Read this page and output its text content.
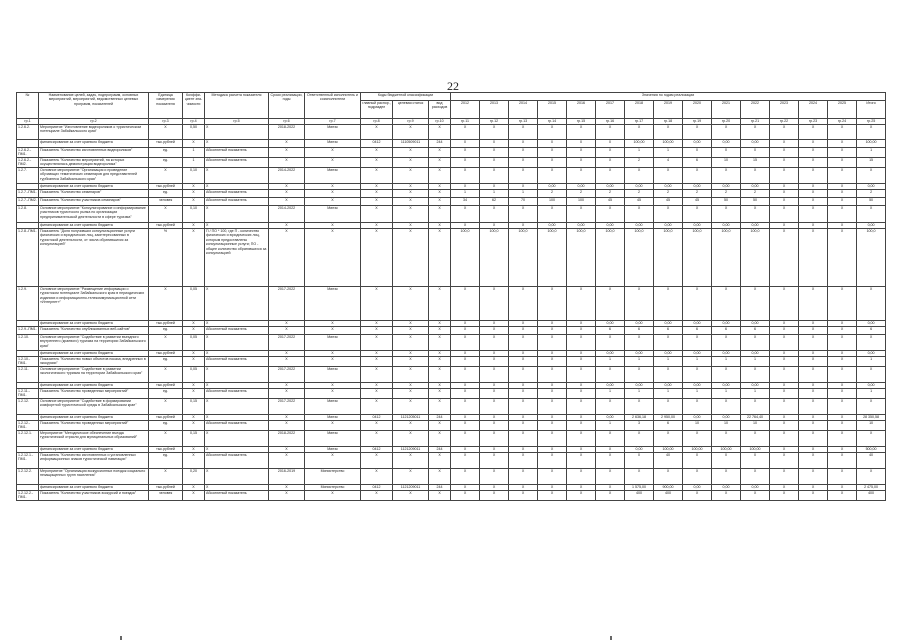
22
№	Наименование целей, задач, подпрограмм, основных мероприятий, мероприятий, ведомственных целевых программ, показателей	Единица измерения показателя	Коэффи-циент зна-чимости	Методика расчета показателя	Сроки реализации, годы	Ответственный исполнитель и соисполнители	Коды бюджетной классификации			Значения по годам реализации														
							главный распор., подраздел	целевая статья	вид расходов	2012	2013	2014	2015	2016	2017	2018	2019	2020	2021	2022	2023	2024	2025	Итого
гр.1	гр.2	гр.3	гр.4	гр.5	гр.6	гр.7	гр.8	гр.9	гр.10	гр.11	гр.12	гр.13	гр.14	гр.15	гр.16	гр.17	гр.18	гр.19	гр.20	гр.21	гр.22	гр.23	гр.24	гр.25
1.2.6.2.	Мероприятие "Изготовление видеороликов о туристическом потенциале Забайкальского края"	X	0,50	X	2018-2022	Минэк	X	X	X	X	X	X	X	X	X	X	X	X	X	X	X	X	X	X
	финансирование за счет краевого бюджета	тыс.рублей	X	X	X	Минэк	0412	1110509011	244	0	0	X	0	0	0	100,00	100,00	0,00	0,00	0,00	X	X	X	100,00
1.2.6.2.-ПМ1.	Показатель "Количество изготовленных видеороликов"	ед.	1	Абсолютный показатель	X	X	X	X	X	X	X	X	X	X	X	1	1	0	0	0	X	X	X	1
1.2.6.2.-ПМ2.	Показатель "Количество мероприятий, на которых осуществлялась демонстрация видеоролика"	ед.	1	Абсолютный показатель	X	X	X	X	X	X	X	X	X	X	X	2	4	6	10	15	X	X	X	15
1.2.7.	Основное мероприятие "Организация и проведение обучающих тематических семинаров для представителей турбизнеса Забайкальского края"	X	0,10	X	2014-2022	Минэк	X	X	X	X	X	X	X	X	X	X	X	X	X	X	X	X	X	X
	финансирование за счет краевого бюджета	тыс.рублей	X	X	X	X	X	X	X	X	X	X	0,00	0,00	0,00	0,00	0,00	0,00	0,00	0,00	X	X	X	0,00
1.2.7.-ПМ1.	Показатель "Количество семинаров"	ед.	X	Абсолютный показатель	X	X	X	X	X	1	1	1	2	2	2	2	2	2	2	2	X	X	X	2
1.2.7.-ПМ2.	Показатель "Количество участников семинаров"	человек	X	Абсолютный показатель	X	X	X	X	X	34	62	70	100	100	45	45	45	45	50	50	X	X	X	50
1.2.8.	Основное мероприятие "Консультирование и информирование участников туристского рынка по организации предпринимательской деятельности в сфере туризма"	X	0,10	X	2014-2022	Минэк	X	X	X	X	X	X	X	X	X	X	X	X	X	X	X	X	X	X
	финансирование за счет краевого бюджета	тыс.рублей	X	X	X	X	X	X	X	X	X	X	0,00	0,00	0,00	0,00	0,00	0,00	0,00	0,00	X	X	X	0,00
1.2.8.-ПМ1.	Показатель "Доля получивших консультационные услуги физических и юридических лиц, заинтересованных в туристской деятельности, от числа обратившихся за консультацией"	%	X	П / ПО * 100, где П - количество физических и юридических лиц, которым предоставлены консультационные услуги; ПО - общее количество обратившихся за консультацией	X	X	X	X	X	100,0	100,0	100,0	100,0	100,0	100,0	100,0	100,0	100,0	100,0	100,0	X	X	X	100,0
1.2.9.	Основное мероприятие "Размещение информации о туристском потенциале Забайкальского края в периодических изданиях и информационно-телекоммуникационной сети «Интернет»"	X	0,05	X	2017-2022	Минэк	X	X	X	X	X	X	X	X	X	X	X	X	X	X	X	X	X	X
	финансирование за счет краевого бюджета	тыс.рублей	X	X	X	X	X	X	X	X	X	X	X	X	0,00	0,00	0,00	0,00	0,00	0,00	X	X	X	0,00
1.2.9.-ПМ1.	Показатель "Количество опубликованных веб-сайтов"	ед.	X	Абсолютный показатель	X	X	X	X	X	X	X	X	X	X	6	6	6	6	6	6	X	X	X	6
1.2.10.	Основное мероприятие "Содействие в развитии въездного внутреннего (краевого) туризма на территории Забайкальского края"	X	0,05	X	2017-2022	Минэк	X	X	X	X	X	X	X	X	X	X	X	X	X	X	X	X	X	X
	финансирование за счет краевого бюджета	тыс.рублей	X	X	X	X	X	X	X	X	X	X	X	X	0,00	0,00	0,00	0,00	0,00	0,00	X	X	X	0,00
1.2.10.-ПМ1.	Показатель "Количество новых объектов показа, внедренных в экскурсии"	ед.	X	Абсолютный показатель	X	X	X	X	X	X	X	X	X	X	1	1	1	1	1	1	X	X	X	1
1.2.11.	Основное мероприятие "Содействие в развитии экологического туризма на территории Забайкальского края"	X	0,05	X	2017-2022	Минэк	X	X	X	X	X	X	X	X	X	X	X	X	X	X	X	X	X	X
	финансирование за счет краевого бюджета	тыс.рублей	X	X	X	X	X	X	X	X	X	X	X	X	0,00	0,00	0,00	0,00	0,00	0,00	X	X	X	0,00
1.2.11.-ПМ1.	Показатель "Количество проведенных мероприятий"	ед.	X	Абсолютный показатель	X	X	X	X	X	X	X	X	X	X	1	1	1	1	1	1	X	X	X	1
1.2.12.	Основное мероприятие "Содействие в формировании комфортной туристической среды в Забайкальском крае"	X	0,15	X	2017-2022	Минэк	X	X	X	X	X	X	X	X	X	X	X	X	X	X	X	X	X	X
	финансирование за счет краевого бюджета	тыс.рублей	X	X	X	Минэк	0412	1121205011	244	X	X	X	X	X	0,00	2 636,18	2 950,00	0,00	0,00	22 764,40	X	X	X	28 350,58
1.2.12.-ПМ1.	Показатель "Количество проведенных мероприятий"	ед.	X	Абсолютный показатель	X	X	X	X	X	X	X	X	X	X	1	3	6	10	10	10	X	X	X	10
1.2.12.1.	Мероприятие "Методическое обеспечение въезда туристической отрасли для муниципальных образований"	X	0,15	X	2018-2022	Минэк	X	X	X	X	X	X	X	X	X	X	X	X	X	X	X	X	X	X
	финансирование за счет краевого бюджета	тыс.рублей	X	X	X	Минэк	0412	1121209011	244	X	X	X	X	X	X	0,00	100,00	100,00	100,00	100,00	X	X	X	500,00
1.2.12.1.-ПМ1.	Показатель "Количество изготовленных и установленных информационных знаков туристической навигации"	ед.	X	Абсолютный показатель	X	X	X	X	X	X	X	X	X	X	X	0	40	0	0	0	X	X	X	40
1.2.12.2.	Мероприятие "Организация экскурсионных поездок социально незащищенных групп населения"	X	0,20	X	2016-2019	Министерство	X	X	X	X	X	X	X	X	X	X	X	X	X	X	X	X	X	X
	финансирование за счет краевого бюджета	тыс.рублей	X	X	X	Министерство	0412	1121209011	244	X	X	X	X	X	X	1 575,00	900,00	0,00	0,00	0,00	X	X	X	2 475,00
1.2.12.2.-ПМ1.	Показатель "Количество участников экскурсий и поездок"	человек	X	Абсолютный показатель	X	X	X	X	X	X	X	X	X	X	X	400	400	X	X	X	X	X	X	400
